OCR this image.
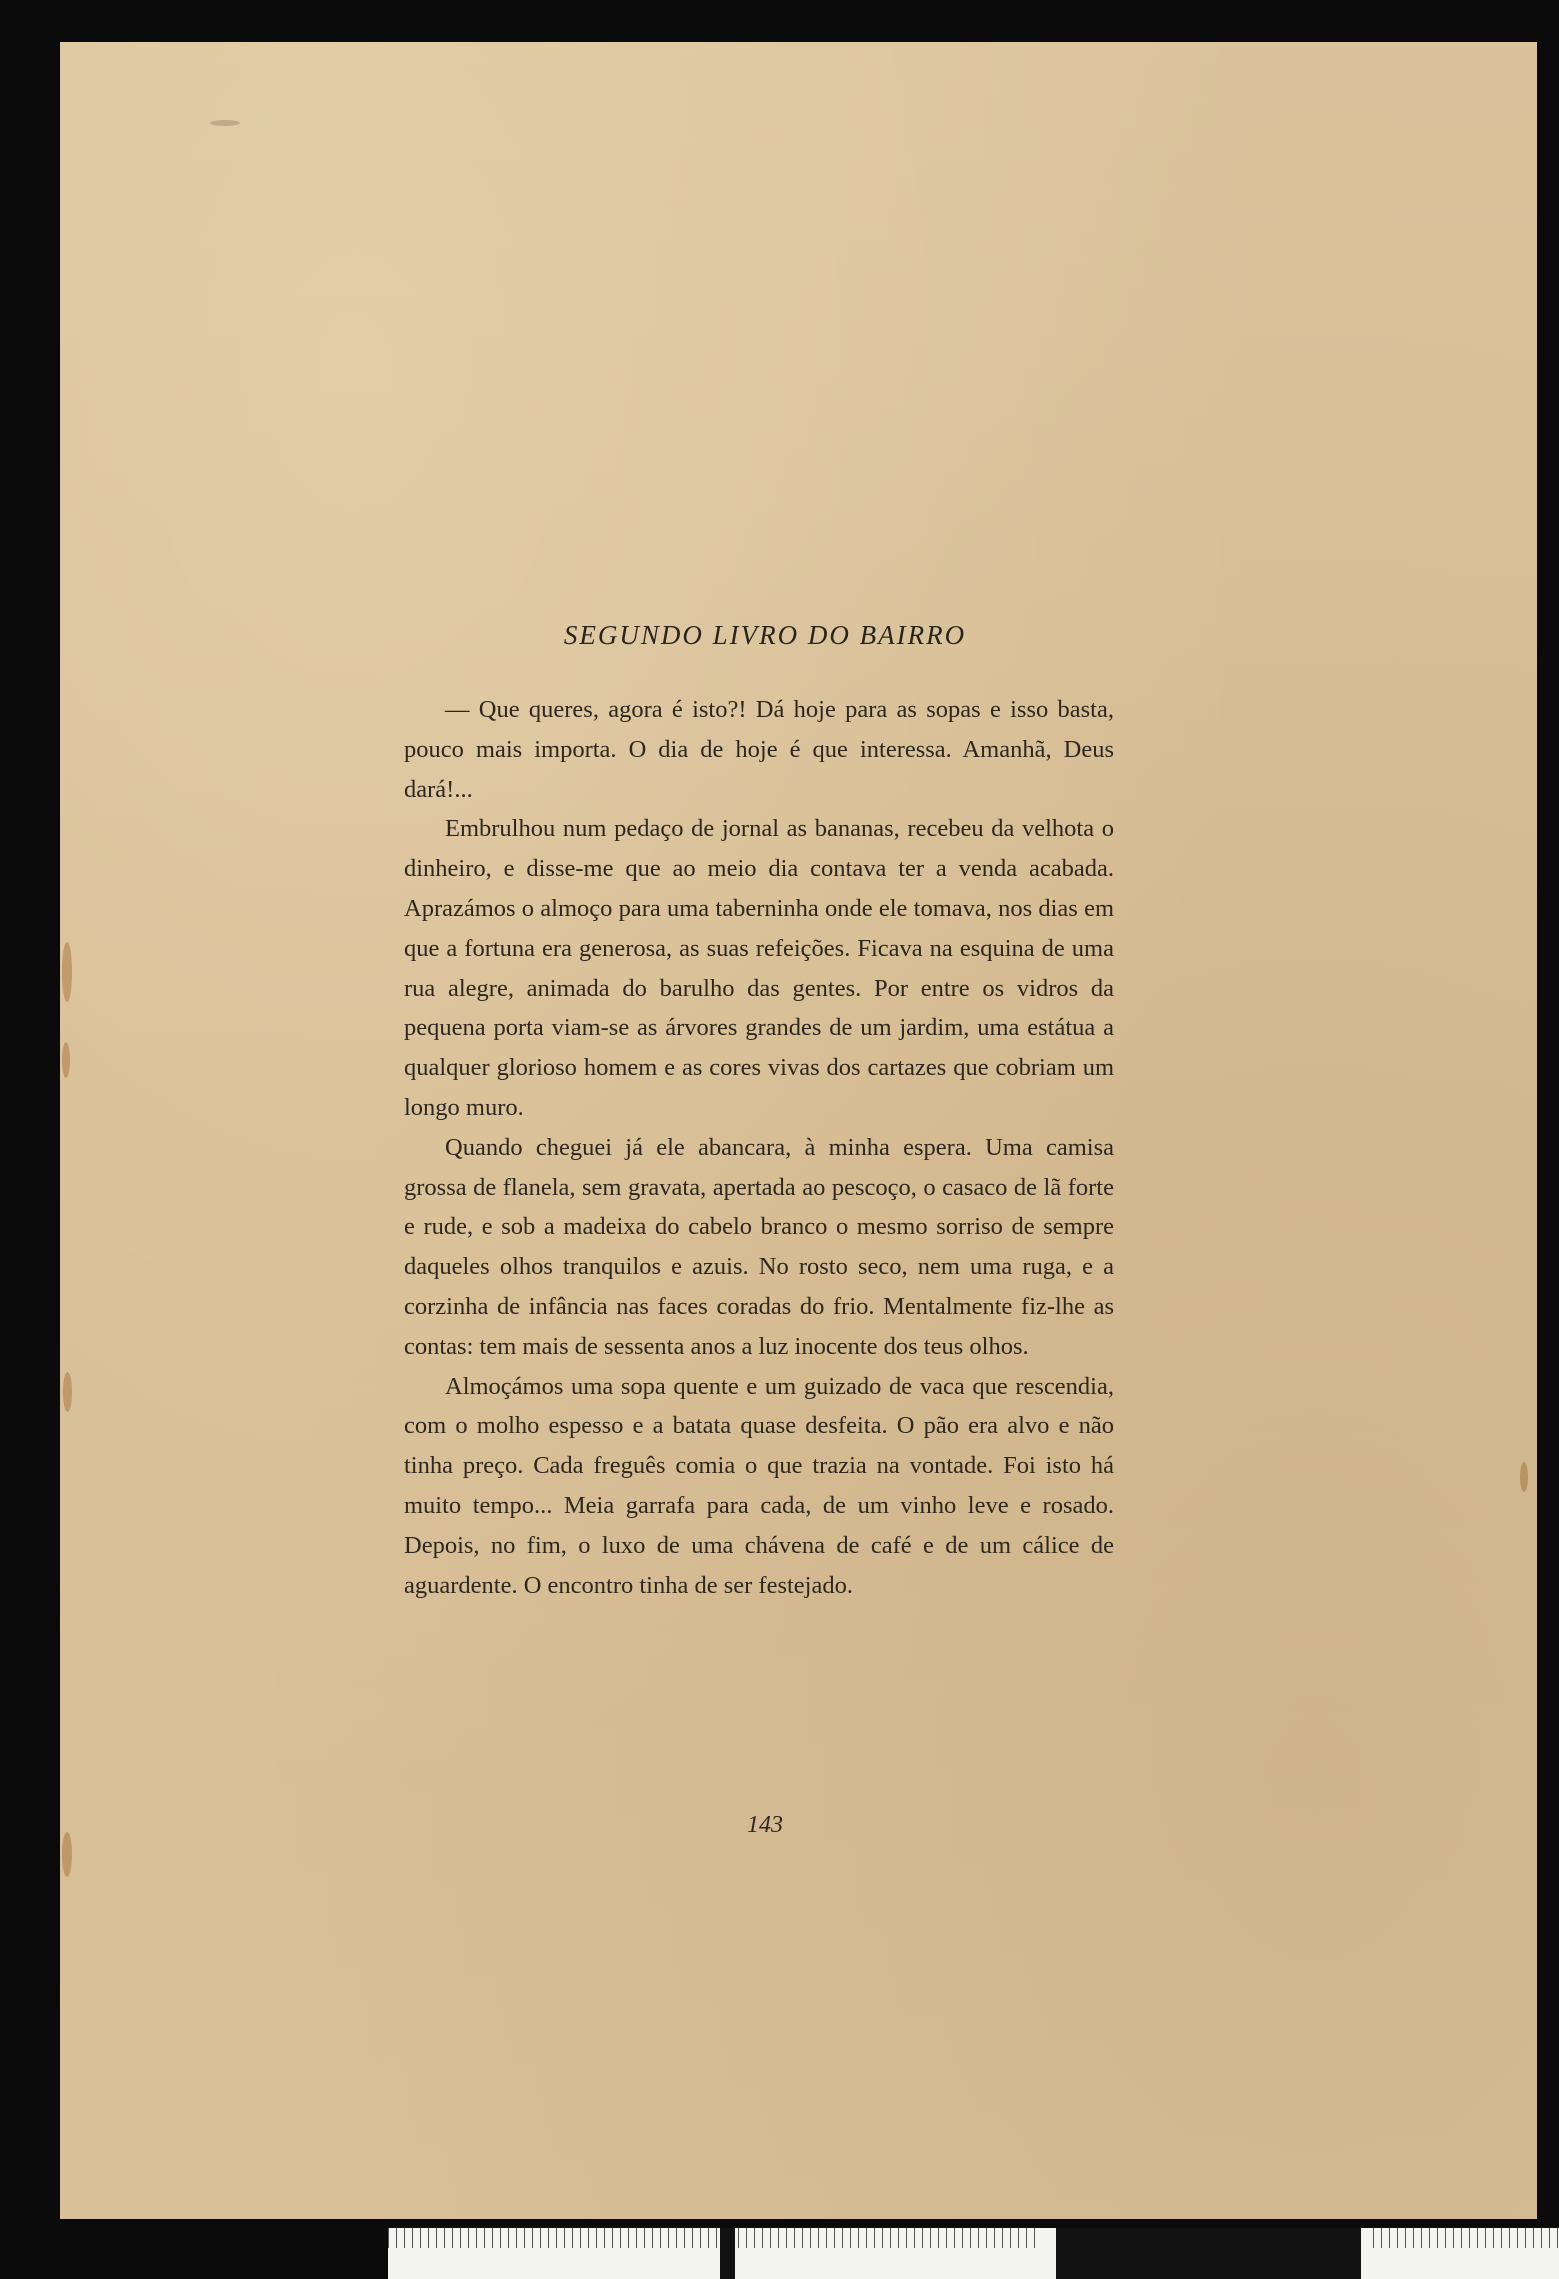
SEGUNDO LIVRO DO BAIRRO

— Que queres, agora é isto?! Dá hoje para as sopas e isso basta, pouco mais importa. O dia de hoje é que interessa. Amanhã, Deus dará!...

Embrulhou num pedaço de jornal as bananas, recebeu da velhota o dinheiro, e disse-me que ao meio dia contava ter a venda acabada. Aprazámos o almoço para uma taberninha onde ele tomava, nos dias em que a fortuna era generosa, as suas refeições. Ficava na esquina de uma rua alegre, animada do barulho das gentes. Por entre os vidros da pequena porta viam-se as árvores grandes de um jardim, uma estátua a qualquer glorioso homem e as cores vivas dos cartazes que cobriam um longo muro.

Quando cheguei já ele abancara, à minha espera. Uma camisa grossa de flanela, sem gravata, apertada ao pescoço, o casaco de lã forte e rude, e sob a madeixa do cabelo branco o mesmo sorriso de sempre daqueles olhos tranquilos e azuis. No rosto seco, nem uma ruga, e a corzinha de infância nas faces coradas do frio. Mentalmente fiz-lhe as contas: tem mais de sessenta anos a luz inocente dos teus olhos.

Almoçámos uma sopa quente e um guizado de vaca que rescendia, com o molho espesso e a batata quase desfeita. O pão era alvo e não tinha preço. Cada freguês comia o que trazia na vontade. Foi isto há muito tempo... Meia garrafa para cada, de um vinho leve e rosado. Depois, no fim, o luxo de uma chávena de café e de um cálice de aguardente. O encontro tinha de ser festejado.

143
